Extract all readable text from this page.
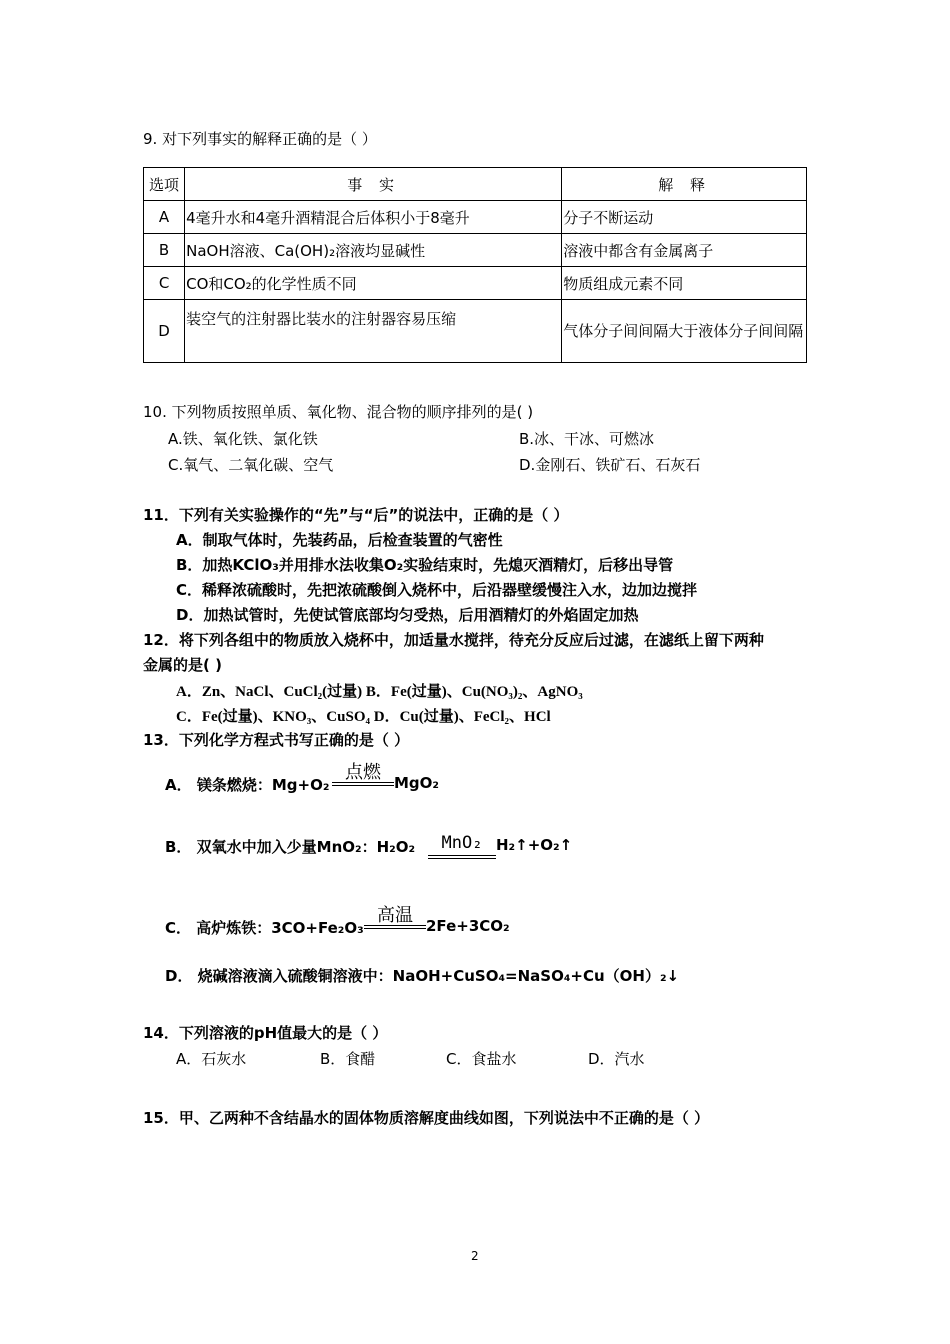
9. 对下列事实的解释正确的是（ ）
选项	事 实	解 释
A	4毫升水和4毫升酒精混合后体积小于8毫升	分子不断运动
B	NaOH溶液、Ca(OH)₂溶液均显碱性	溶液中都含有金属离子
C	CO和CO₂的化学性质不同	物质组成元素不同
D	装空气的注射器比装水的注射器容易压缩	气体分子间间隔大于液体分子间间隔
10. 下列物质按照单质、氧化物、混合物的顺序排列的是( )
A.铁、氧化铁、氯化铁	B.冰、干冰、可燃冰
C.氧气、二氧化碳、空气	D.金刚石、铁矿石、石灰石
11．下列有关实验操作的“先”与“后”的说法中，正确的是（ ）
A．制取气体时，先装药品，后检查装置的气密性
B．加热KClO₃并用排水法收集O₂实验结束时，先熄灭酒精灯，后移出导管
C．稀释浓硫酸时，先把浓硫酸倒入烧杯中，后沿器壁缓慢注入水，边加边搅拌
D．加热试管时，先使试管底部均匀受热，后用酒精灯的外焰固定加热
12．将下列各组中的物质放入烧杯中，加适量水搅拌，待充分反应后过滤，在滤纸上留下两种
金属的是( )
A．Zn、NaCl、CuCl₂(过量) B．Fe(过量)、Cu(NO₃)₂、AgNO₃
C．Fe(过量)、KNO₃、CuSO₄ D．Cu(过量)、FeCl₂、HCl
13．下列化学方程式书写正确的是（ ）
A． 镁条燃烧：Mg+O₂
点燃 MgO₂
B． 双氧水中加入少量MnO₂：H₂O₂	MnO₂ H₂↑+O₂↑
C． 高炉炼铁：3CO+Fe₂O₃
高温 2Fe+3CO₂
D． 烧碱溶液滴入硫酸铜溶液中：NaOH+CuSO₄=NaSO₄+Cu（OH）₂↓
14．下列溶液的pH值最大的是（ ）
A．石灰水	B．食醋	C．食盐水	D．汽水
15．甲、乙两种不含结晶水的固体物质溶解度曲线如图，下列说法中不正确的是（ ）
2
